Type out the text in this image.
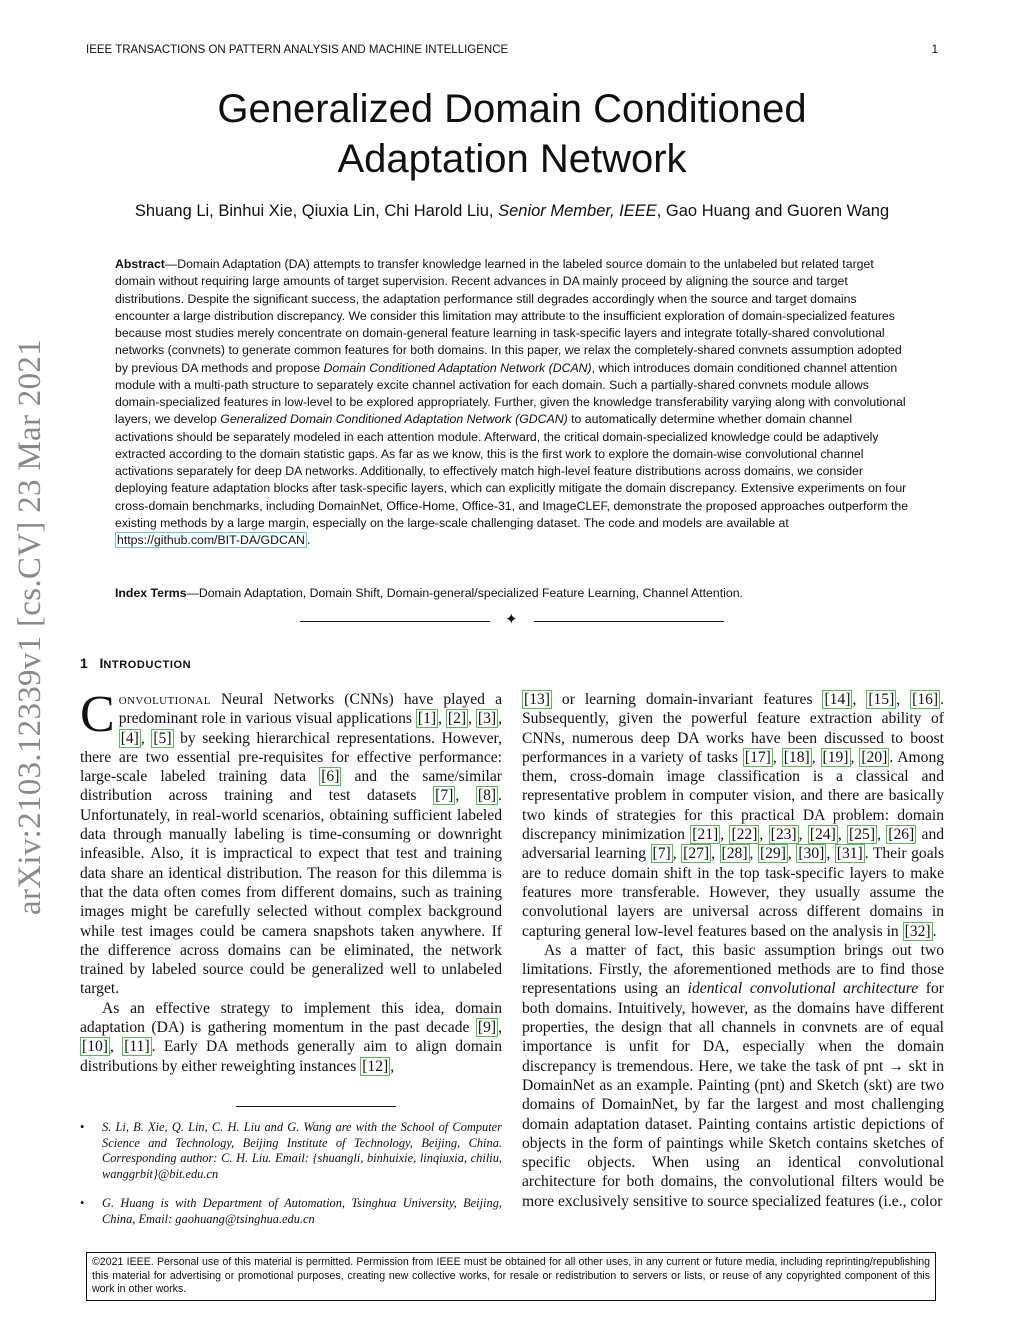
IEEE TRANSACTIONS ON PATTERN ANALYSIS AND MACHINE INTELLIGENCE	1
arXiv:2103.12339v1 [cs.CV] 23 Mar 2021
Generalized Domain Conditioned
Adaptation Network
Shuang Li, Binhui Xie, Qiuxia Lin, Chi Harold Liu, Senior Member, IEEE, Gao Huang and Guoren Wang
Abstract—Domain Adaptation (DA) attempts to transfer knowledge learned in the labeled source domain to the unlabeled but related target domain without requiring large amounts of target supervision. Recent advances in DA mainly proceed by aligning the source and target distributions. Despite the significant success, the adaptation performance still degrades accordingly when the source and target domains encounter a large distribution discrepancy. We consider this limitation may attribute to the insufficient exploration of domain-specialized features because most studies merely concentrate on domain-general feature learning in task-specific layers and integrate totally-shared convolutional networks (convnets) to generate common features for both domains. In this paper, we relax the completely-shared convnets assumption adopted by previous DA methods and propose Domain Conditioned Adaptation Network (DCAN), which introduces domain conditioned channel attention module with a multi-path structure to separately excite channel activation for each domain. Such a partially-shared convnets module allows domain-specialized features in low-level to be explored appropriately. Further, given the knowledge transferability varying along with convolutional layers, we develop Generalized Domain Conditioned Adaptation Network (GDCAN) to automatically determine whether domain channel activations should be separately modeled in each attention module. Afterward, the critical domain-specialized knowledge could be adaptively extracted according to the domain statistic gaps. As far as we know, this is the first work to explore the domain-wise convolutional channel activations separately for deep DA networks. Additionally, to effectively match high-level feature distributions across domains, we consider deploying feature adaptation blocks after task-specific layers, which can explicitly mitigate the domain discrepancy. Extensive experiments on four cross-domain benchmarks, including DomainNet, Office-Home, Office-31, and ImageCLEF, demonstrate the proposed approaches outperform the existing methods by a large margin, especially on the large-scale challenging dataset. The code and models are available at https://github.com/BIT-DA/GDCAN .
Index Terms—Domain Adaptation, Domain Shift, Domain-general/specialized Feature Learning, Channel Attention.
✦
1 INTRODUCTION

Convolutional Neural Networks (CNNs) have played a predominant role in various visual applications [1] , [2] , [3] , [4] , [5] by seeking hierarchical representations. However, there are two essential pre-requisites for effective performance: large-scale labeled training data [6] and the same/similar distribution across training and test datasets [7] , [8] . Unfortunately, in real-world scenarios, obtaining sufficient labeled data through manually labeling is time-consuming or downright infeasible. Also, it is impractical to expect that test and training data share an identical distribution. The reason for this dilemma is that the data often comes from different domains, such as training images might be carefully selected without complex background while test images could be camera snapshots taken anywhere. If the difference across domains can be eliminated, the network trained by labeled source could be generalized well to unlabeled target.

As an effective strategy to implement this idea, domain adaptation (DA) is gathering momentum in the past decade [9] , [10] , [11] . Early DA methods generally aim to align domain distributions by either reweighting instances [12] ,

• S. Li, B. Xie, Q. Lin, C. H. Liu and G. Wang are with the School of Computer Science and Technology, Beijing Institute of Technology, Beijing, China. Corresponding author: C. H. Liu. Email: {shuangli, binhuixie, linqiuxia, chiliu, wanggrbit}@bit.edu.cn
• G. Huang is with Department of Automation, Tsinghua University, Beijing, China, Email: gaohuang@tsinghua.edu.cn

[13] or learning domain-invariant features [14] , [15] , [16] . Subsequently, given the powerful feature extraction ability of CNNs, numerous deep DA works have been discussed to boost performances in a variety of tasks [17] , [18] , [19] , [20] . Among them, cross-domain image classification is a classical and representative problem in computer vision, and there are basically two kinds of strategies for this practical DA problem: domain discrepancy minimization [21] , [22] , [23] , [24] , [25] , [26] and adversarial learning [7] , [27] , [28] , [29] , [30] , [31] . Their goals are to reduce domain shift in the top task-specific layers to make features more transferable. However, they usually assume the convolutional layers are universal across different domains in capturing general low-level features based on the analysis in [32] .

As a matter of fact, this basic assumption brings out two limitations. Firstly, the aforementioned methods are to find those representations using an identical convolutional architecture for both domains. Intuitively, however, as the domains have different properties, the design that all channels in convnets are of equal importance is unfit for DA, especially when the domain discrepancy is tremendous. Here, we take the task of pnt → skt in DomainNet as an example. Painting (pnt) and Sketch (skt) are two domains of DomainNet, by far the largest and most challenging domain adaptation dataset. Painting contains artistic depictions of objects in the form of paintings while Sketch contains sketches of specific objects. When using an identical convolutional architecture for both domains, the convolutional filters would be more exclusively sensitive to source specialized features (i.e., color

©2021 IEEE. Personal use of this material is permitted. Permission from IEEE must be obtained for all other uses, in any current or future media, including reprinting/republishing this material for advertising or promotional purposes, creating new collective works, for resale or redistribution to servers or lists, or reuse of any copyrighted component of this work in other works.
